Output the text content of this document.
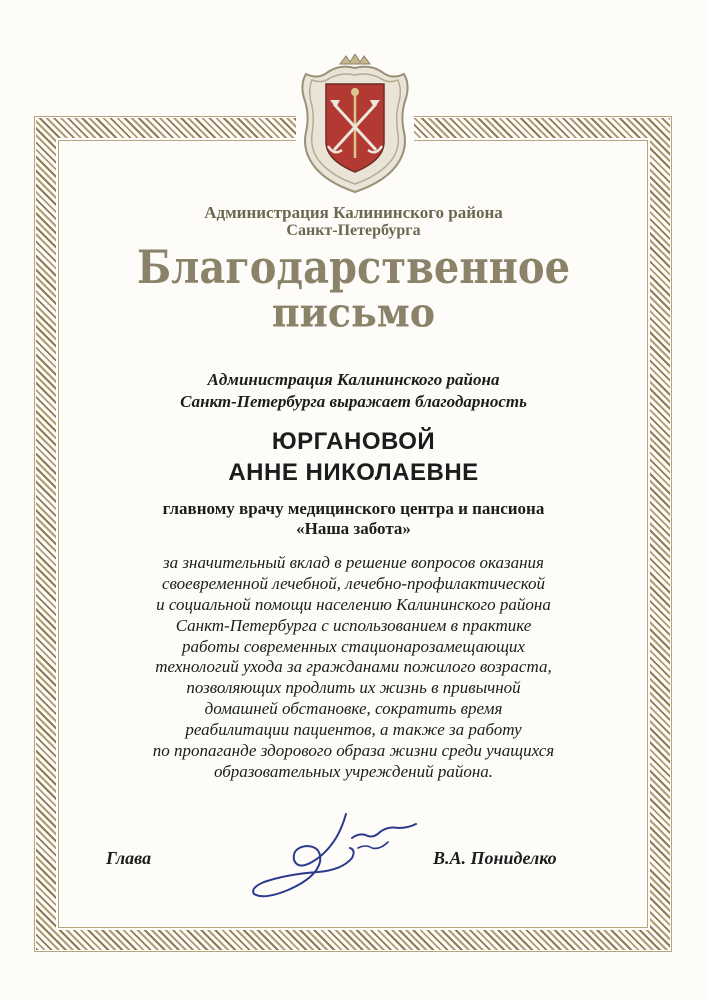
Администрация Калининского района
Санкт-Петербурга
Благодарственное
письмо
Администрация Калининского района
Санкт-Петербурга выражает благодарность
ЮРГАНОВОЙ
АННЕ НИКОЛАЕВНЕ
главному врачу медицинского центра и пансиона
«Наша забота»
за значительный вклад в решение вопросов оказания
своевременной лечебной, лечебно-профилактической
и социальной помощи населению Калининского района
Санкт-Петербурга с использованием в практике
работы современных стационарозамещающих
технологий ухода за гражданами пожилого возраста,
позволяющих продлить их жизнь в привычной
домашней обстановке, сократить время
реабилитации пациентов, а также за работу
по пропаганде здорового образа жизни среди учащихся
образовательных учреждений района.
Глава	В.А. Пониделко
